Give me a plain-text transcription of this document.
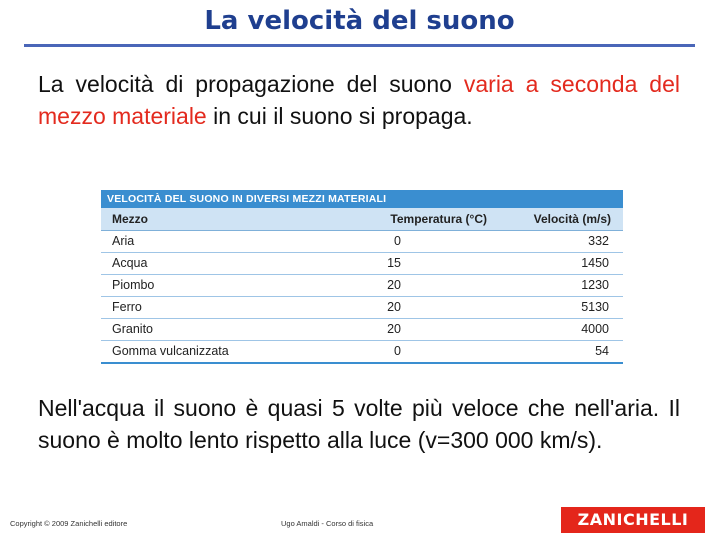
La velocità del suono
La velocità di propagazione del suono varia a seconda del mezzo materiale in cui il suono si propaga.
VELOCITÀ DEL SUONO IN DIVERSI MEZZI MATERIALI
Mezzo	Temperatura (°C)	Velocità (m/s)
Aria	0	332
Acqua	15	1450
Piombo	20	1230
Ferro	20	5130
Granito	20	4000
Gomma vulcanizzata	0	54
Nell'acqua il suono è quasi 5 volte più veloce che nell'aria. Il suono è molto lento rispetto alla luce (v=300 000 km/s).
Copyright © 2009 Zanichelli editore	Ugo Amaldi - Corso di fisica	ZANICHELLI
